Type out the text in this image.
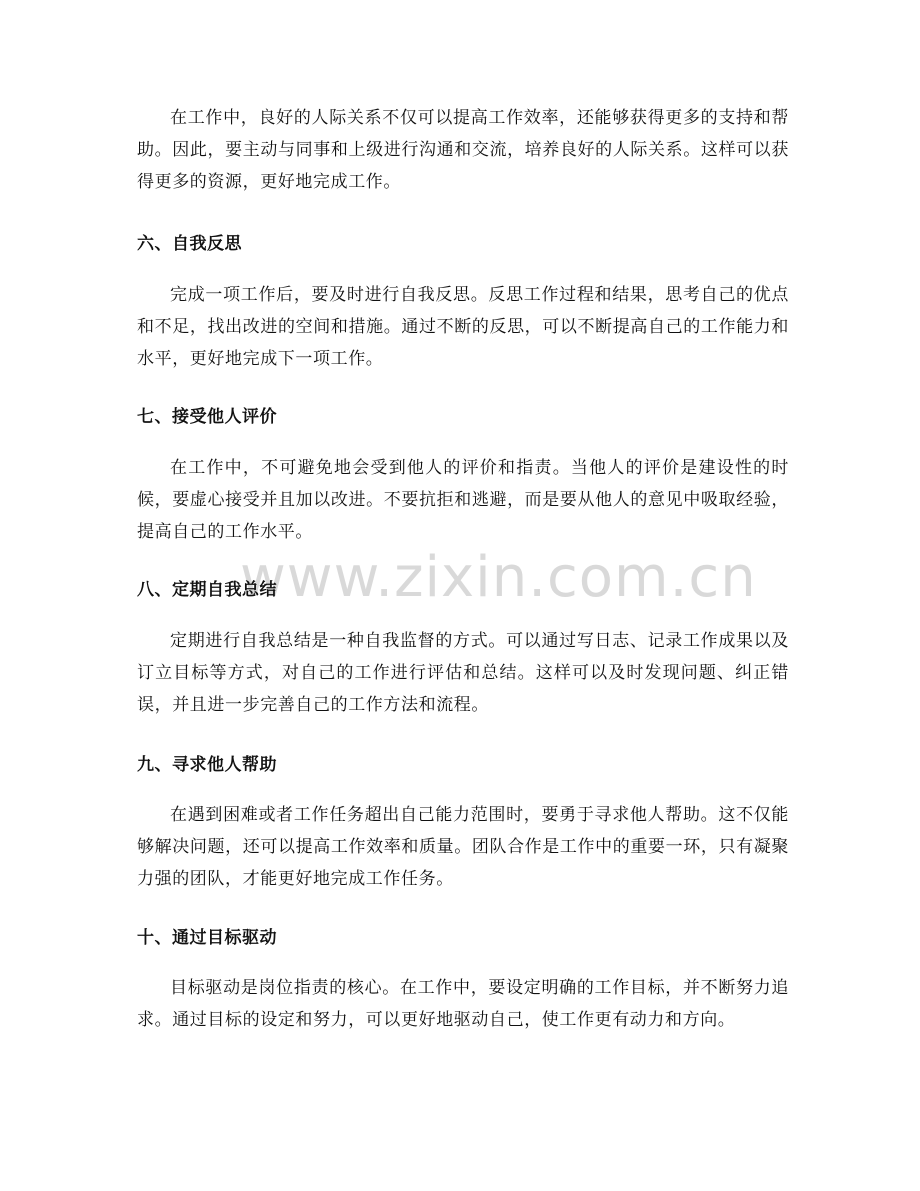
www.zixin.com.cn

在工作中，良好的人际关系不仅可以提高工作效率，还能够获得更多的支持和帮助。因此，要主动与同事和上级进行沟通和交流，培养良好的人际关系。这样可以获得更多的资源，更好地完成工作。

六、自我反思

完成一项工作后，要及时进行自我反思。反思工作过程和结果，思考自己的优点和不足，找出改进的空间和措施。通过不断的反思，可以不断提高自己的工作能力和水平，更好地完成下一项工作。

七、接受他人评价

在工作中，不可避免地会受到他人的评价和指责。当他人的评价是建设性的时候，要虚心接受并且加以改进。不要抗拒和逃避，而是要从他人的意见中吸取经验，提高自己的工作水平。

八、定期自我总结

定期进行自我总结是一种自我监督的方式。可以通过写日志、记录工作成果以及订立目标等方式，对自己的工作进行评估和总结。这样可以及时发现问题、纠正错误，并且进一步完善自己的工作方法和流程。

九、寻求他人帮助

在遇到困难或者工作任务超出自己能力范围时，要勇于寻求他人帮助。这不仅能够解决问题，还可以提高工作效率和质量。团队合作是工作中的重要一环，只有凝聚力强的团队，才能更好地完成工作任务。

十、通过目标驱动

目标驱动是岗位指责的核心。在工作中，要设定明确的工作目标，并不断努力追求。通过目标的设定和努力，可以更好地驱动自己，使工作更有动力和方向。
